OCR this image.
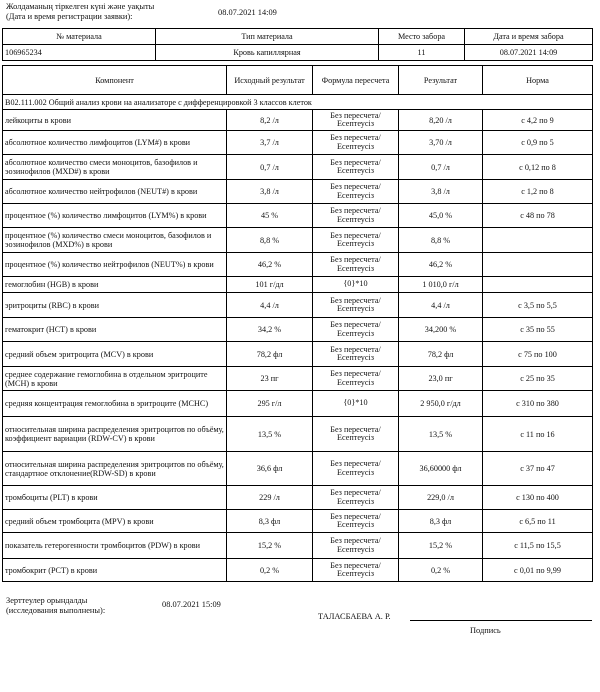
Жолдаманың тіркелген күні және уақыты
(Дата и время регистрации заявки):	08.07.2021 14:09
№ материала	Тип материала	Место забора	Дата и время забора
106965234	Кровь капиллярная	11	08.07.2021 14:09
Компонент	Исходный результат	Формула пересчета	Результат	Норма
B02.111.002 Общий анализ крови на анализаторе с дифференцировкой 3 классов клеток				
лейкоциты в крови	8,2 /л	Без пересчета/ Есептеусіз	8,20 /л	с 4,2 по 9
абсолютное количество лимфоцитов (LYM#) в крови	3,7 /л	Без пересчета/ Есептеусіз	3,70 /л	с 0,9 по 5
абсолютное количество смеси моноцитов, базофилов и эозинофилов (MXD#) в крови	0,7 /л	Без пересчета/ Есептеусіз	0,7 /л	с 0,12 по 8
абсолютное количество нейтрофилов (NEUT#) в крови	3,8 /л	Без пересчета/ Есептеусіз	3,8 /л	с 1,2 по 8
процентное (%) количество лимфоцитов (LYM%) в крови	45 %	Без пересчета/ Есептеусіз	45,0 %	с 48 по 78
процентное (%) количество смеси моноцитов, базофилов и эозинофилов (MXD%) в крови	8,8 %	Без пересчета/ Есептеусіз	8,8 %	
процентное (%) количество нейтрофилов (NEUT%) в крови	46,2 %	Без пересчета/ Есептеусіз	46,2 %	
гемоглобин (HGB) в крови	101 г/дл	{0}*10	1 010,0 г/л	
эритроциты (RBC) в крови	4,4 /л	Без пересчета/ Есептеусіз	4,4 /л	с 3,5 по 5,5
гематокрит (HCT) в крови	34,2 %	Без пересчета/ Есептеусіз	34,200 %	с 35 по 55
средний объем эритроцита (MCV) в крови	78,2 фл	Без пересчета/ Есептеусіз	78,2 фл	с 75 по 100
среднее содержание гемоглобина в отдельном эритроците (MCH) в крови	23 пг	Без пересчета/ Есептеусіз	23,0 пг	с 25 по 35
средняя концентрация гемоглобина в эритроците (MCHC)	295 г/л	{0}*10	2 950,0 г/дл	с 310 по 380
относительная ширина распределения эритроцитов по объёму, коэффициент вариации (RDW-CV) в крови	13,5 %	Без пересчета/ Есептеусіз	13,5 %	с 11 по 16
относительная ширина распределения эритроцитов по объёму, стандартное отклонение(RDW-SD) в крови	36,6 фл	Без пересчета/ Есептеусіз	36,60000 фл	с 37 по 47
тромбоциты (PLT) в крови	229 /л	Без пересчета/ Есептеусіз	229,0 /л	с 130 по 400
средний объем тромбоцита (MPV) в крови	8,3 фл	Без пересчета/ Есептеусіз	8,3 фл	с 6,5 по 11
показатель гетерогенности тромбоцитов (PDW) в крови	15,2 %	Без пересчета/ Есептеусіз	15,2 %	с 11,5 по 15,5
тромбокрит (PCT) в крови	0,2 %	Без пересчета/ Есептеусіз	0,2 %	с 0,01 по 9,99
Зерттеулер орындалды
(исследования выполнены):
08.07.2021 15:09
ТАЛАСБАЕВА А. Р.
Подпись
